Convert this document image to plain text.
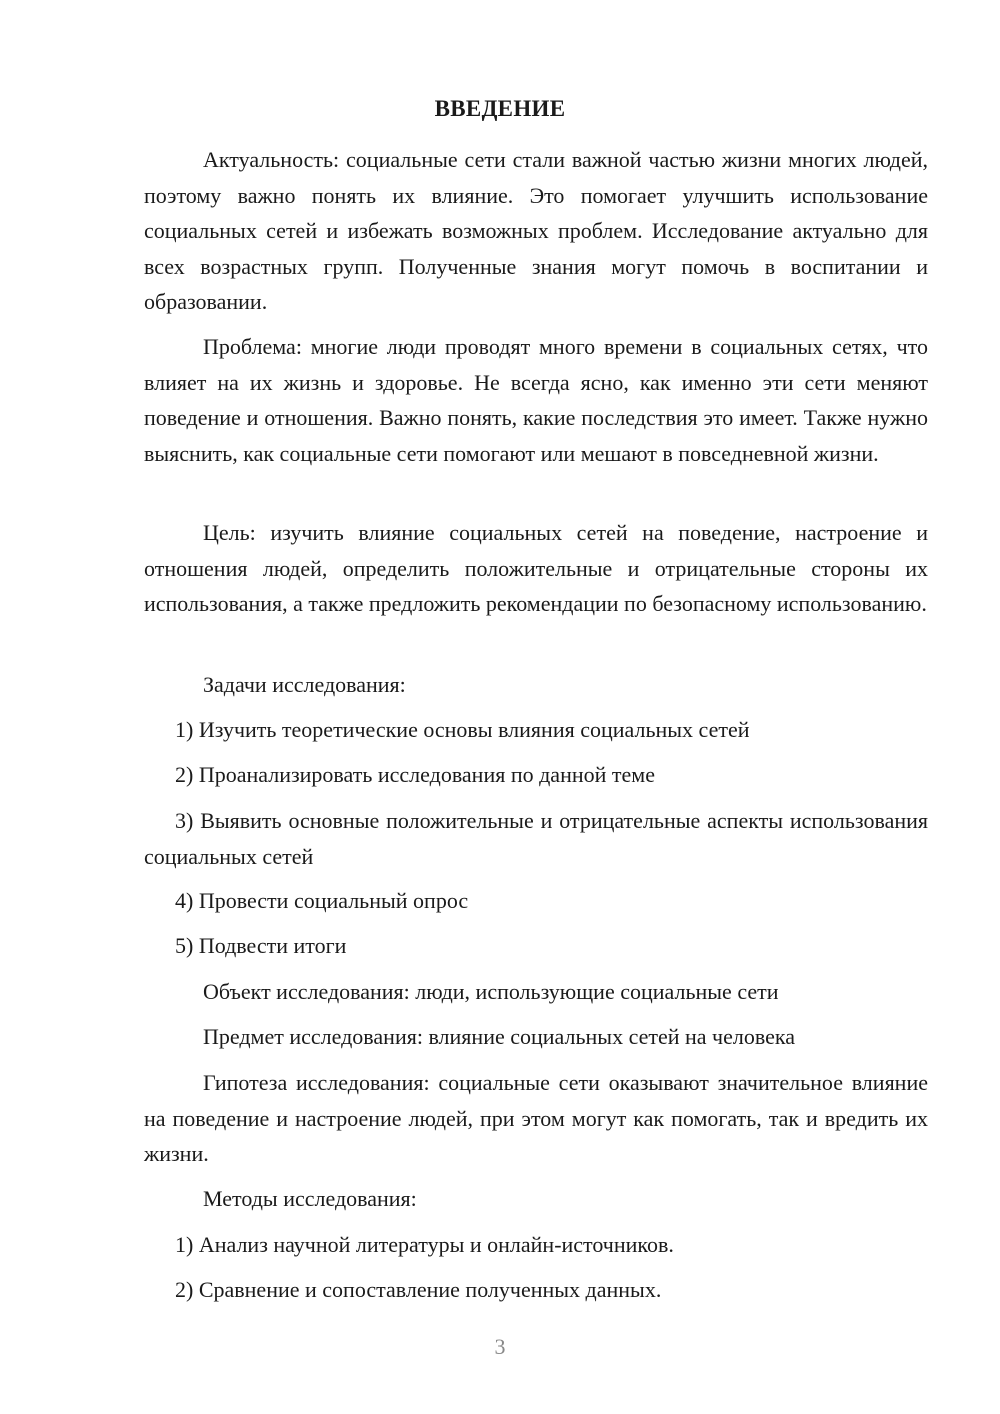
ВВЕДЕНИЕ

Актуальность: социальные сети стали важной частью жизни многих людей, поэтому важно понять их влияние. Это помогает улучшить использование социальных сетей и избежать возможных проблем. Исследование актуально для всех возрастных групп. Полученные знания могут помочь в воспитании и образовании.

Проблема: многие люди проводят много времени в социальных сетях, что влияет на их жизнь и здоровье. Не всегда ясно, как именно эти сети меняют поведение и отношения. Важно понять, какие последствия это имеет. Также нужно выяснить, как социальные сети помогают или мешают в повседневной жизни.

Цель: изучить влияние социальных сетей на поведение, настроение и отношения людей, определить положительные и отрицательные стороны их использования, а также предложить рекомендации по безопасному использованию.

Задачи исследования:

1) Изучить теоретические основы влияния социальных сетей

2) Проанализировать исследования по данной теме

3) Выявить основные положительные и отрицательные аспекты использования социальных сетей

4) Провести социальный опрос

5) Подвести итоги

Объект исследования: люди, использующие социальные сети

Предмет исследования: влияние социальных сетей на человека

Гипотеза исследования: социальные сети оказывают значительное влияние на поведение и настроение людей, при этом могут как помогать, так и вредить их жизни.

Методы исследования:

1) Анализ научной литературы и онлайн-источников.

2) Сравнение и сопоставление полученных данных.

3
